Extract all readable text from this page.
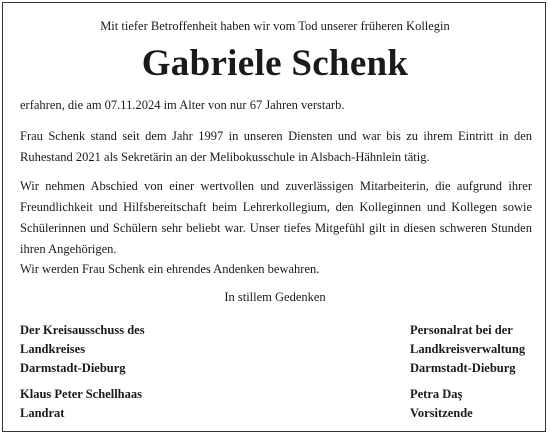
Mit tiefer Betroffenheit haben wir vom Tod unserer früheren Kollegin
Gabriele Schenk

erfahren, die am 07.11.2024 im Alter von nur 67 Jahren verstarb.

Frau Schenk stand seit dem Jahr 1997 in unseren Diensten und war bis zu ihrem Eintritt in den Ruhestand 2021 als Sekretärin an der Melibokusschule in Alsbach-Hähnlein tätig.

Wir nehmen Abschied von einer wertvollen und zuverlässigen Mitarbeiterin, die aufgrund ihrer Freundlichkeit und Hilfsbereitschaft beim Lehrerkollegium, den Kolleginnen und Kollegen sowie Schülerinnen und Schülern sehr beliebt war. Unser tiefes Mitgefühl gilt in diesen schweren Stunden ihren Angehörigen.

Wir werden Frau Schenk ein ehrendes Andenken bewahren.

In stillem Gedenken
Der Kreisausschuss des
Landkreises
Darmstadt-Dieburg
Personalrat bei der
Landkreisverwaltung
Darmstadt-Dieburg
Klaus Peter Schellhaas
Landrat
Petra Daş
Vorsitzende
